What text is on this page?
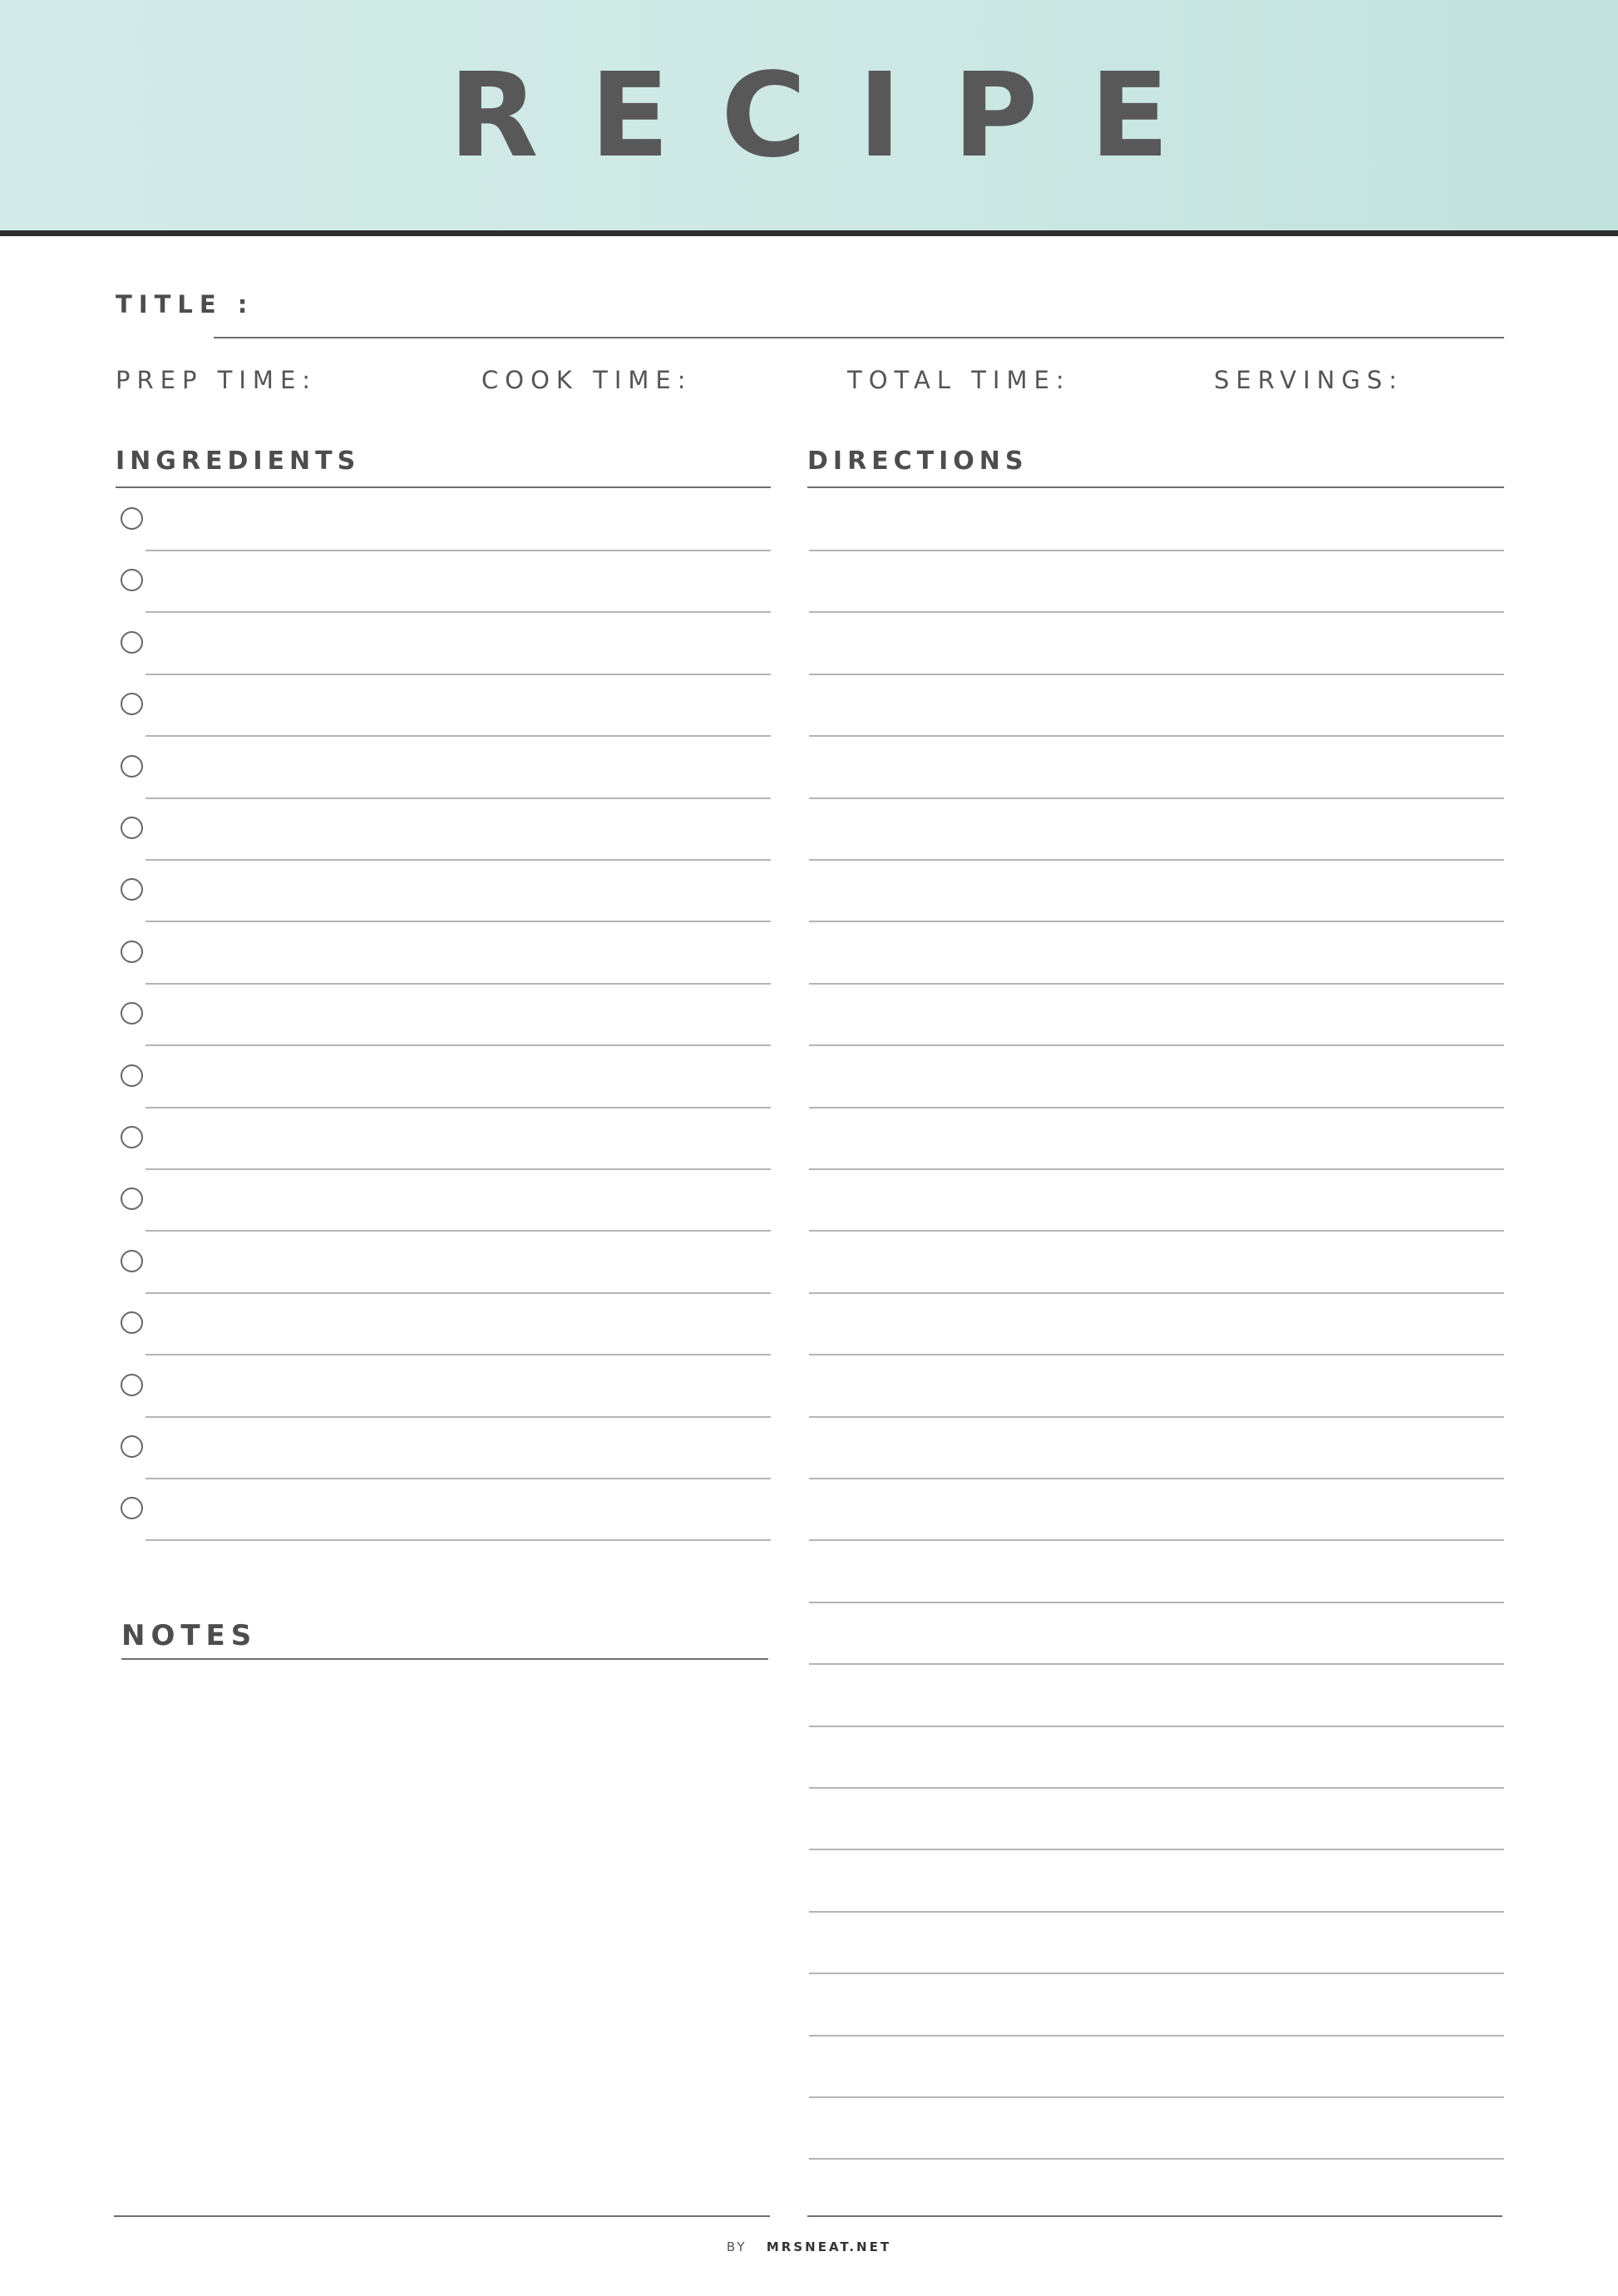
RECIPE
TITLE :
PREP TIME:	COOK TIME:	TOTAL TIME:	SERVINGS:
INGREDIENTS	DIRECTIONS
NOTES
BY MRSNEAT.NET
